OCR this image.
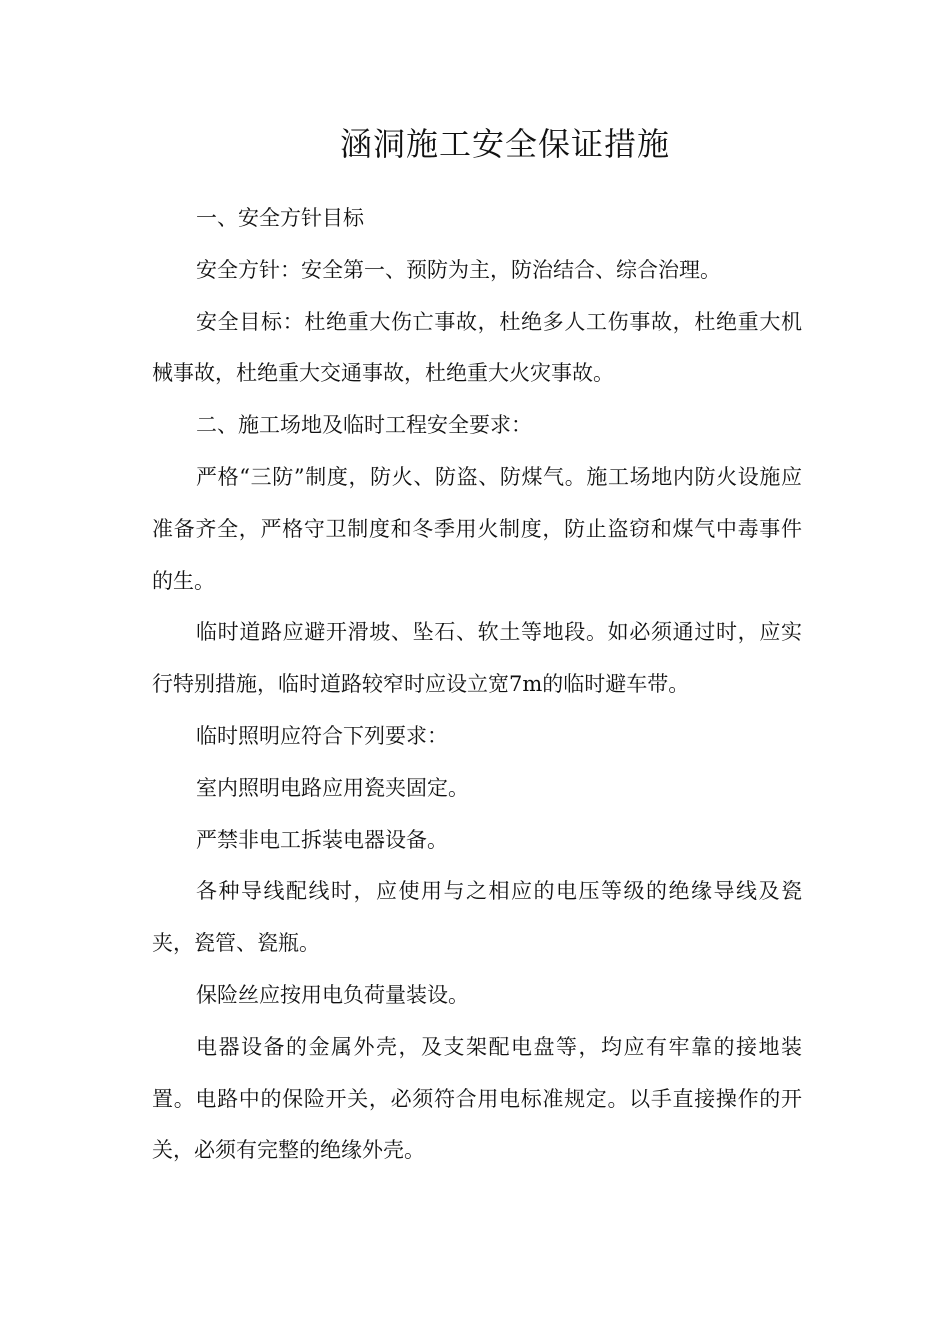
涵洞施工安全保证措施

一、安全方针目标

安全方针：安全第一、预防为主，防治结合、综合治理。

安全目标：杜绝重大伤亡事故，杜绝多人工伤事故，杜绝重大机械事故，杜绝重大交通事故，杜绝重大火灾事故。

二、施工场地及临时工程安全要求：

严格“三防”制度，防火、防盗、防煤气。施工场地内防火设施应准备齐全，严格守卫制度和冬季用火制度，防止盗窃和煤气中毒事件的生。

临时道路应避开滑坡、坠石、软土等地段。如必须通过时，应实行特别措施，临时道路较窄时应设立宽7m的临时避车带。

临时照明应符合下列要求：

室内照明电路应用瓷夹固定。

严禁非电工拆装电器设备。

各种导线配线时，应使用与之相应的电压等级的绝缘导线及瓷夹，瓷管、瓷瓶。

保险丝应按用电负荷量装设。

电器设备的金属外壳，及支架配电盘等，均应有牢靠的接地装置。电路中的保险开关，必须符合用电标准规定。以手直接操作的开关，必须有完整的绝缘外壳。
